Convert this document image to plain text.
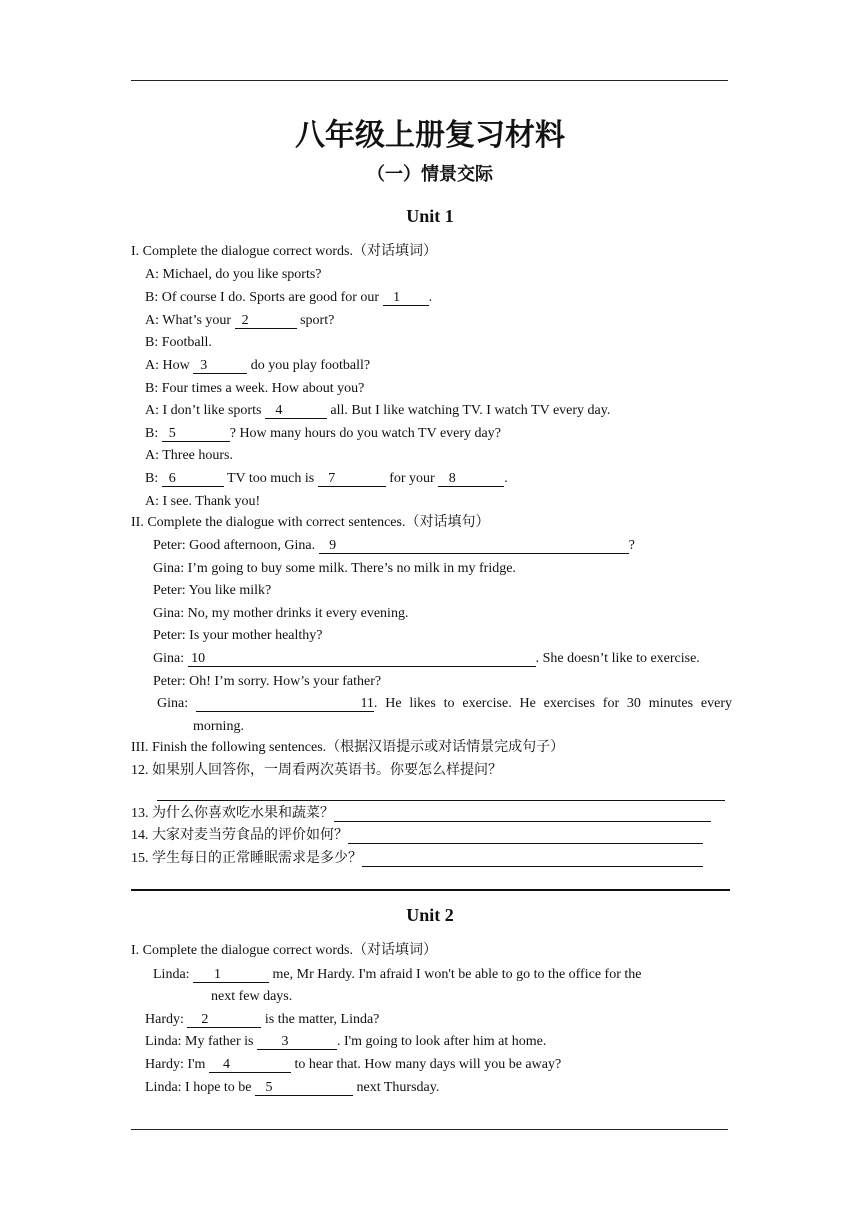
八年级上册复习材料
（一）情景交际
Unit 1
I. Complete the dialogue correct words.（对话填词）
A: Michael, do you like sports?
B: Of course I do. Sports are good for our    1 .
A: What’s your   2	sport?
B: Football.
A: How   3	do you play football?
B: Four times a week. How about you?
A: I don’t like sports    4	all. But I like watching TV. I watch TV every day.
B:   5	? How many hours do you watch TV every day?
A: Three hours.
B:   6	TV too much is    7	for your    8	.
A: I see. Thank you!
II. Complete the dialogue with correct sentences.（对话填句）
Peter: Good afternoon, Gina.    9	?
Gina: I’m going to buy some milk. There’s no milk in my fridge.
Peter: You like milk?
Gina: No, my mother drinks it every evening.
Peter: Is your mother healthy?
Gina:  10	. She doesn’t like to exercise.
Peter: Oh! I’m sorry. How’s your father?
Gina:	11. He likes to exercise. He exercises for 30 minutes every
morning.
III. Finish the following sentences.（根据汉语提示或对话情景完成句子）
12. 如果别人回答你，一周看两次英语书。你要怎么样提问？
13. 为什么你喜欢吃水果和蔬菜？
14. 大家对麦当劳食品的评价如何？
15. 学生每日的正常睡眠需求是多少？
Unit 2
I. Complete the dialogue correct words.（对话填词）
Linda:       1	me, Mr Hardy. I'm afraid I won't be able to go to the office for the
next few days.
Hardy:     2	is the matter, Linda?
Linda: My father is        3	. I'm going to look after him at home.
Hardy: I'm     4	to hear that. How many days will you be away?
Linda: I hope to be    5	next Thursday.
